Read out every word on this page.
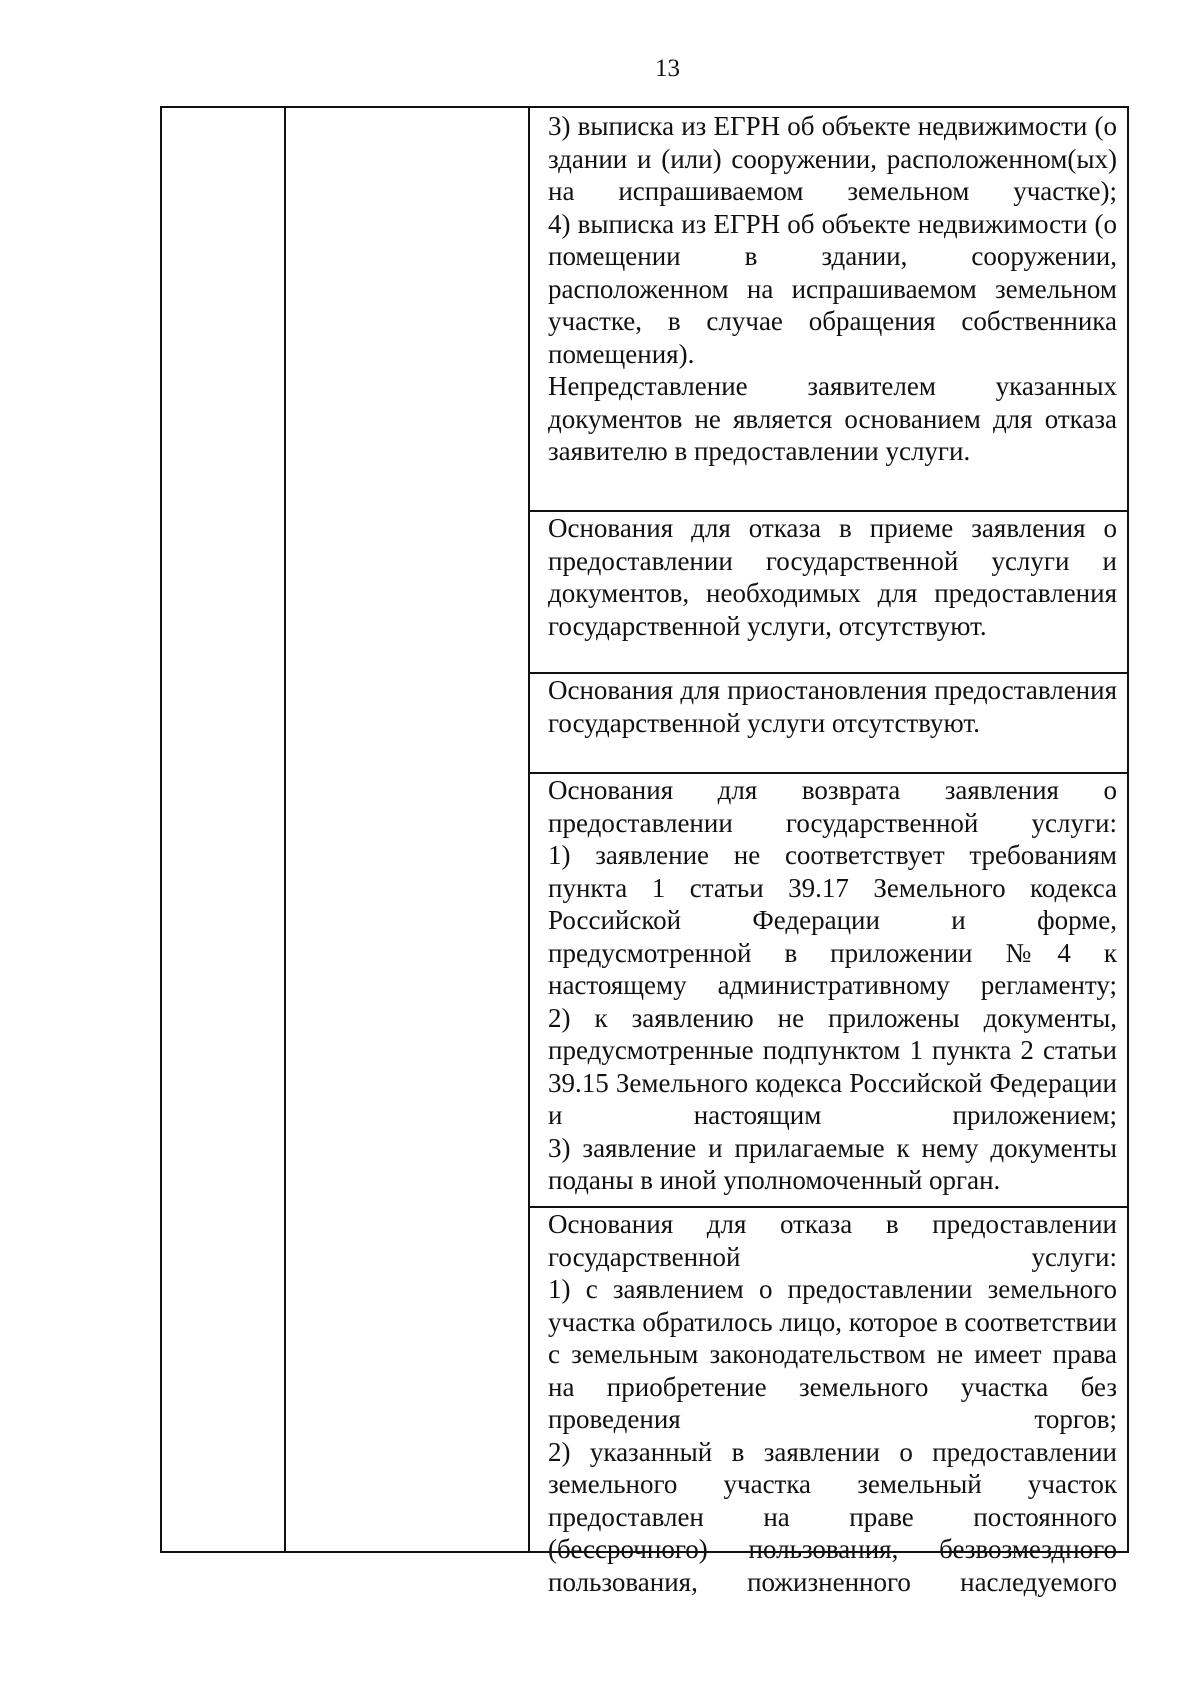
13

3) выписка из ЕГРН об объекте недвижимости (о здании и (или) сооружении, расположенном(ых) на испрашиваемом земельном участке);

4) выписка из ЕГРН об объекте недвижимости (о помещении в здании, сооружении, расположенном на испрашиваемом земельном участке, в случае обращения собственника помещения).

Непредставление заявителем указанных документов не является основанием для отказа заявителю в предоставлении услуги.

Основания для отказа в приеме заявления о предоставлении государственной услуги и документов, необходимых для предоставления государственной услуги, отсутствуют.

Основания для приостановления предоставления государственной услуги отсутствуют.

Основания для возврата заявления о предоставлении государственной услуги:

1) заявление не соответствует требованиям пункта 1 статьи 39.17 Земельного кодекса Российской Федерации и форме, предусмотренной в приложении №4 к настоящему административному регламенту;

2) к заявлению не приложены документы, предусмотренные подпунктом 1 пункта 2 статьи 39.15 Земельного кодекса Российской Федерации и настоящим приложением;

3) заявление и прилагаемые к нему документы поданы в иной уполномоченный орган.

Основания для отказа в предоставлении государственной услуги:

1) с заявлением о предоставлении земельного участка обратилось лицо, которое в соответствии с земельным законодательством не имеет права на приобретение земельного участка без проведения торгов;

2) указанный в заявлении о предоставлении земельного участка земельный участок предоставлен на праве постоянного (бессрочного) пользования, безвозмездного пользования, пожизненного наследуемого
